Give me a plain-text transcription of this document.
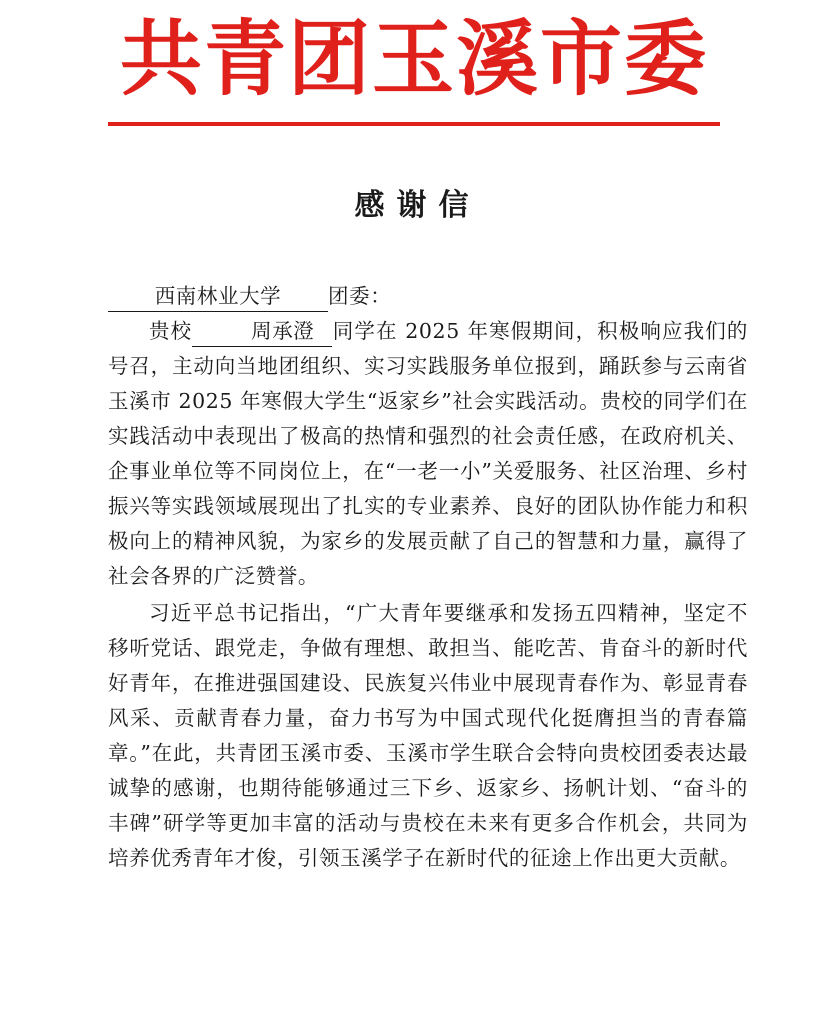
共青团玉溪市委
感谢信

西南林业大学 团委：

贵校	周承澄 同学在 2025 年寒假期间，积极响应我们的号召，主动向当地团组织、实习实践服务单位报到，踊跃参与云南省玉溪市 2025 年寒假大学生“返家乡”社会实践活动。贵校的同学们在实践活动中表现出了极高的热情和强烈的社会责任感，在政府机关、企事业单位等不同岗位上，在“一老一小”关爱服务、社区治理、乡村振兴等实践领域展现出了扎实的专业素养、良好的团队协作能力和积极向上的精神风貌，为家乡的发展贡献了自己的智慧和力量，赢得了社会各界的广泛赞誉。

习近平总书记指出，“广大青年要继承和发扬五四精神，坚定不移听党话、跟党走，争做有理想、敢担当、能吃苦、肯奋斗的新时代好青年，在推进强国建设、民族复兴伟业中展现青春作为、彰显青春风采、贡献青春力量，奋力书写为中国式现代化挺膺担当的青春篇章。”在此，共青团玉溪市委、玉溪市学生联合会特向贵校团委表达最诚挚的感谢，也期待能够通过三下乡、返家乡、扬帆计划、“奋斗的丰碑”研学等更加丰富的活动与贵校在未来有更多合作机会，共同为培养优秀青年才俊，引领玉溪学子在新时代的征途上作出更大贡献。
